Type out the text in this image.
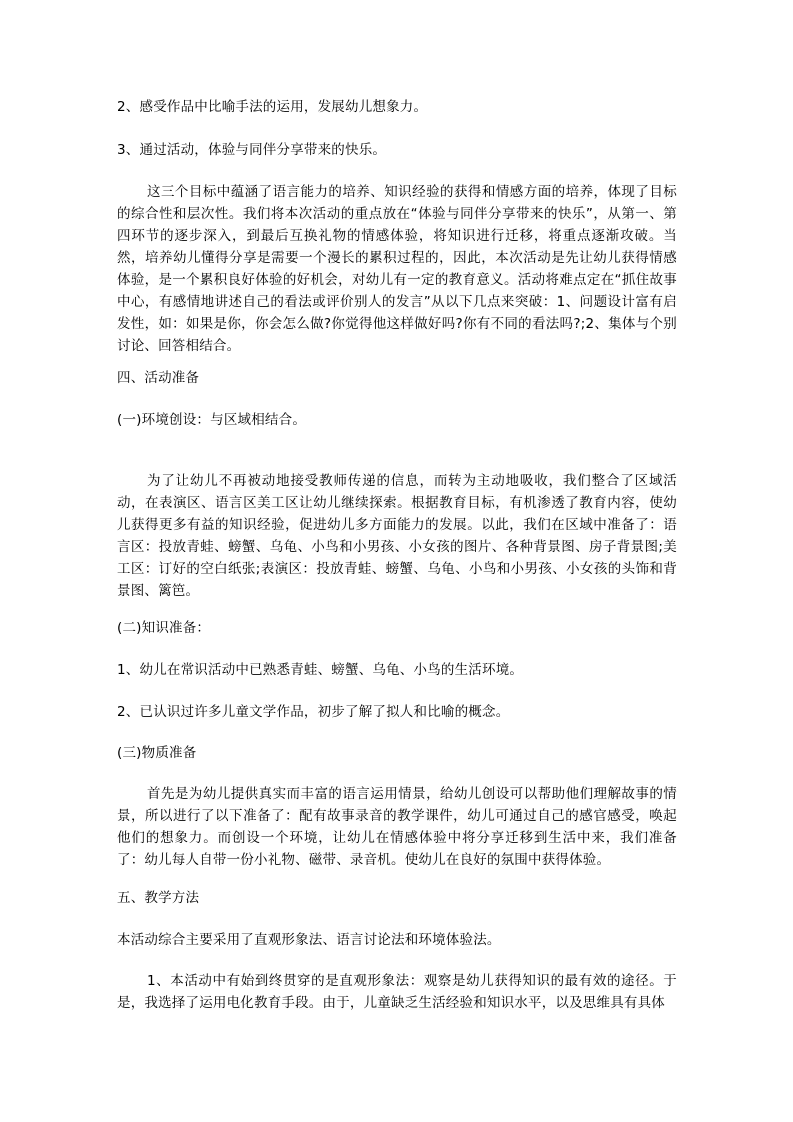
2、感受作品中比喻手法的运用，发展幼儿想象力。

3、通过活动，体验与同伴分享带来的快乐。

这三个目标中蕴涵了语言能力的培养、知识经验的获得和情感方面的培养，体现了目标的综合性和层次性。我们将本次活动的重点放在“体验与同伴分享带来的快乐”，从第一、第四环节的逐步深入，到最后互换礼物的情感体验，将知识进行迁移，将重点逐渐攻破。当然，培养幼儿懂得分享是需要一个漫长的累积过程的，因此，本次活动是先让幼儿获得情感体验，是一个累积良好体验的好机会，对幼儿有一定的教育意义。活动将难点定在“抓住故事中心，有感情地讲述自己的看法或评价别人的发言”从以下几点来突破：1、问题设计富有启发性，如：如果是你，你会怎么做?你觉得他这样做好吗?你有不同的看法吗?;2、集体与个别讨论、回答相结合。

四、活动准备

(一)环境创设：与区域相结合。

为了让幼儿不再被动地接受教师传递的信息，而转为主动地吸收，我们整合了区域活动，在表演区、语言区美工区让幼儿继续探索。根据教育目标，有机渗透了教育内容，使幼儿获得更多有益的知识经验，促进幼儿多方面能力的发展。以此，我们在区域中准备了：语言区：投放青蛙、螃蟹、乌龟、小鸟和小男孩、小女孩的图片、各种背景图、房子背景图;美工区：订好的空白纸张;表演区：投放青蛙、螃蟹、乌龟、小鸟和小男孩、小女孩的头饰和背景图、篱笆。

(二)知识准备：

1、幼儿在常识活动中已熟悉青蛙、螃蟹、乌龟、小鸟的生活环境。

2、已认识过许多儿童文学作品，初步了解了拟人和比喻的概念。

(三)物质准备

首先是为幼儿提供真实而丰富的语言运用情景，给幼儿创设可以帮助他们理解故事的情景，所以进行了以下准备了：配有故事录音的教学课件，幼儿可通过自己的感官感受，唤起他们的想象力。而创设一个环境，让幼儿在情感体验中将分享迁移到生活中来，我们准备了：幼儿每人自带一份小礼物、磁带、录音机。使幼儿在良好的氛围中获得体验。

五、教学方法

本活动综合主要采用了直观形象法、语言讨论法和环境体验法。

1、本活动中有始到终贯穿的是直观形象法：观察是幼儿获得知识的最有效的途径。于是，我选择了运用电化教育手段。由于，儿童缺乏生活经验和知识水平，以及思维具有具体
